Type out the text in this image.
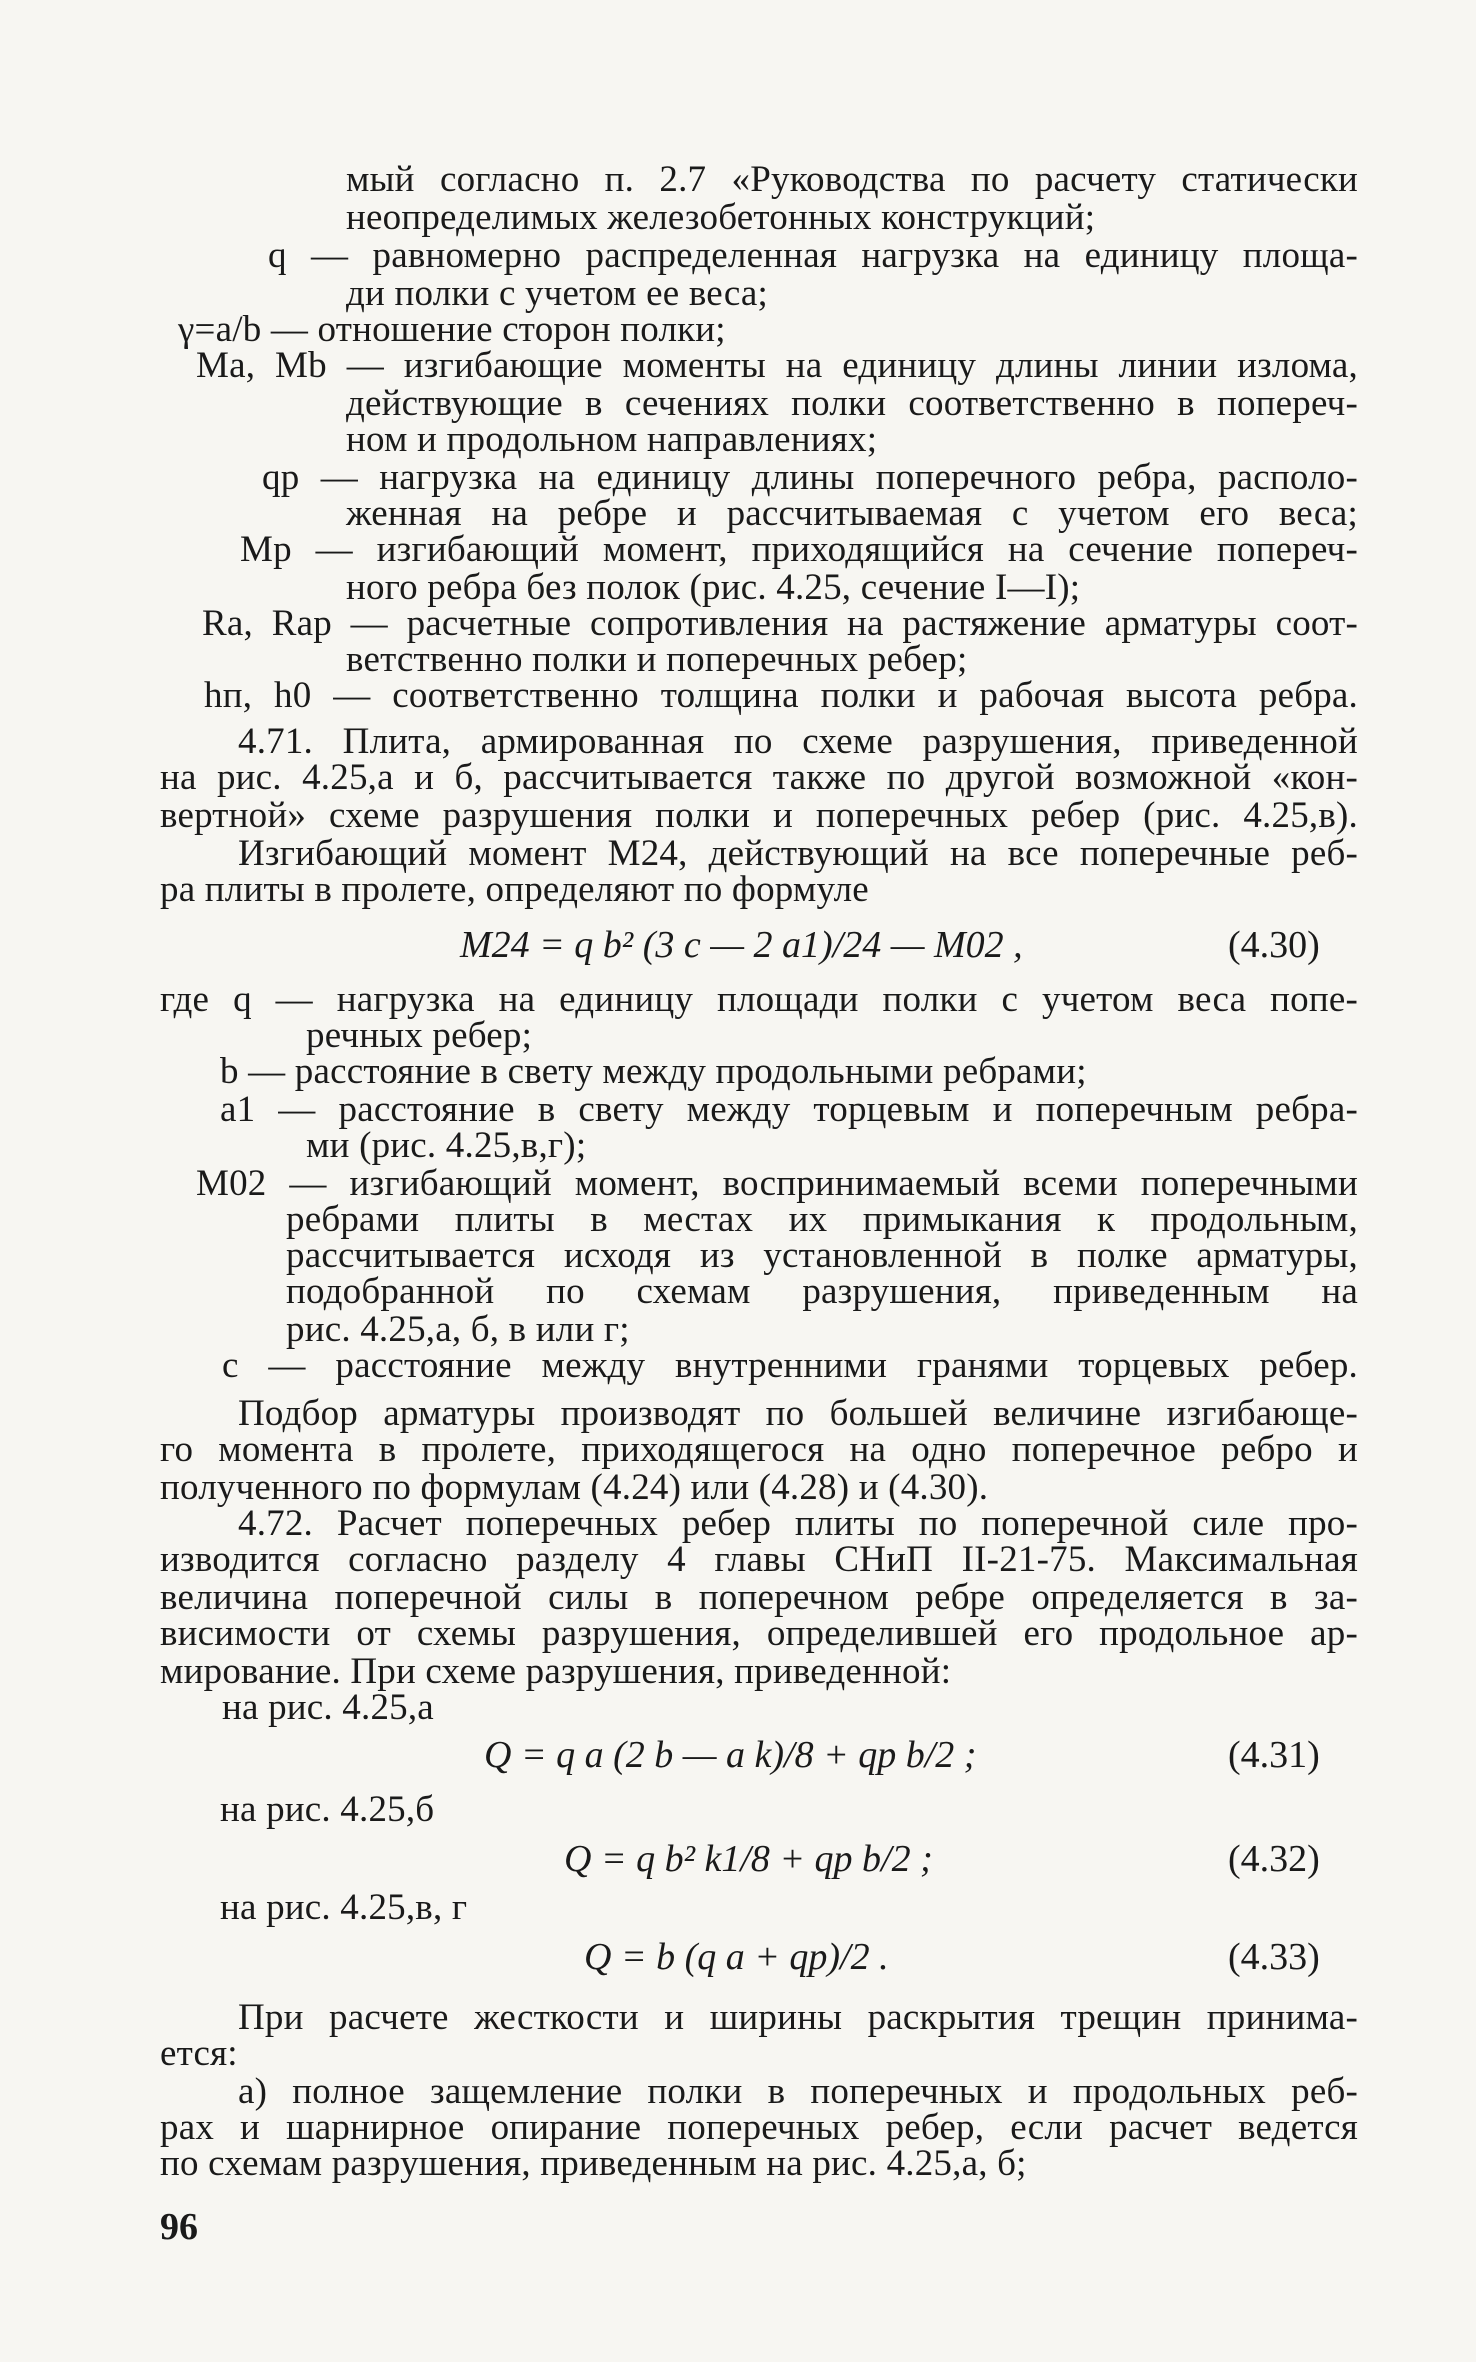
мый согласно п. 2.7 «Руководства по расчету статически
неопределимых железобетонных конструкций;
q — равномерно распределенная нагрузка на единицу площа-
ди полки с учетом ее веса;
γ=a/b — отношение сторон полки;
Ma, Mb — изгибающие моменты на единицу длины линии излома,
действующие в сечениях полки соответственно в попереч-
ном и продольном направлениях;
qp — нагрузка на единицу длины поперечного ребра, располо-
женная на ребре и рассчитываемая с учетом его веса;
Mp — изгибающий момент, приходящийся на сечение попереч-
ного ребра без полок (рис. 4.25, сечение I—I);
Ra, Rap — расчетные сопротивления на растяжение арматуры соот-
ветственно полки и поперечных ребер;
hп, h0 — соответственно толщина полки и рабочая высота ребра.
4.71. Плита, армированная по схеме разрушения, приведенной
на рис. 4.25,а и б, рассчитывается также по другой возможной «кон-
вертной» схеме разрушения полки и поперечных ребер (рис. 4.25,в).
Изгибающий момент M24, действующий на все поперечные реб-
ра плиты в пролете, определяют по формуле
M24 = q b² (3 c — 2 a1)/24 — M02 ,	(4.30)
где q — нагрузка на единицу площади полки с учетом веса попе-
речных ребер;
b — расстояние в свету между продольными ребрами;
a1 — расстояние в свету между торцевым и поперечным ребра-
ми (рис. 4.25,в,г);
M02 — изгибающий момент, воспринимаемый всеми поперечными
ребрами плиты в местах их примыкания к продольным,
рассчитывается исходя из установленной в полке арматуры,
подобранной по схемам разрушения, приведенным на
рис. 4.25,а, б, в или г;
c — расстояние между внутренними гранями торцевых ребер.
Подбор арматуры производят по большей величине изгибающе-
го момента в пролете, приходящегося на одно поперечное ребро и
полученного по формулам (4.24) или (4.28) и (4.30).
4.72. Расчет поперечных ребер плиты по поперечной силе про-
изводится согласно разделу 4 главы СНиП II-21-75. Максимальная
величина поперечной силы в поперечном ребре определяется в за-
висимости от схемы разрушения, определившей его продольное ар-
мирование. При схеме разрушения, приведенной:
на рис. 4.25,а
Q = q a (2 b — a k)/8 + qp b/2 ;	(4.31)
на рис. 4.25,б
Q = q b² k1/8 + qp b/2 ;	(4.32)
на рис. 4.25,в, г
Q = b (q a + qp)/2 .	(4.33)
При расчете жесткости и ширины раскрытия трещин принима-
ется:
а) полное защемление полки в поперечных и продольных реб-
рах и шарнирное опирание поперечных ребер, если расчет ведется
по схемам разрушения, приведенным на рис. 4.25,а, б;
96
